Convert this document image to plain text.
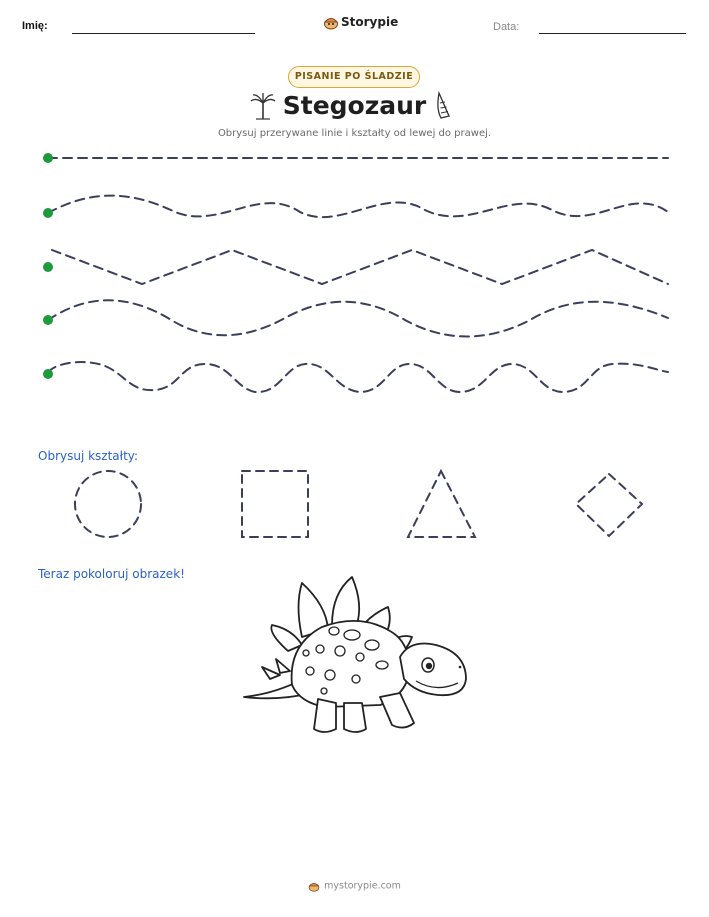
Imię:	Storypie	Data:
PISANIE PO ŚLADZIE
Stegozaur
Obrysuj przerywane linie i kształty od lewej do prawej.
Obrysuj kształty:
Teraz pokoloruj obrazek!
mystorypie.com
